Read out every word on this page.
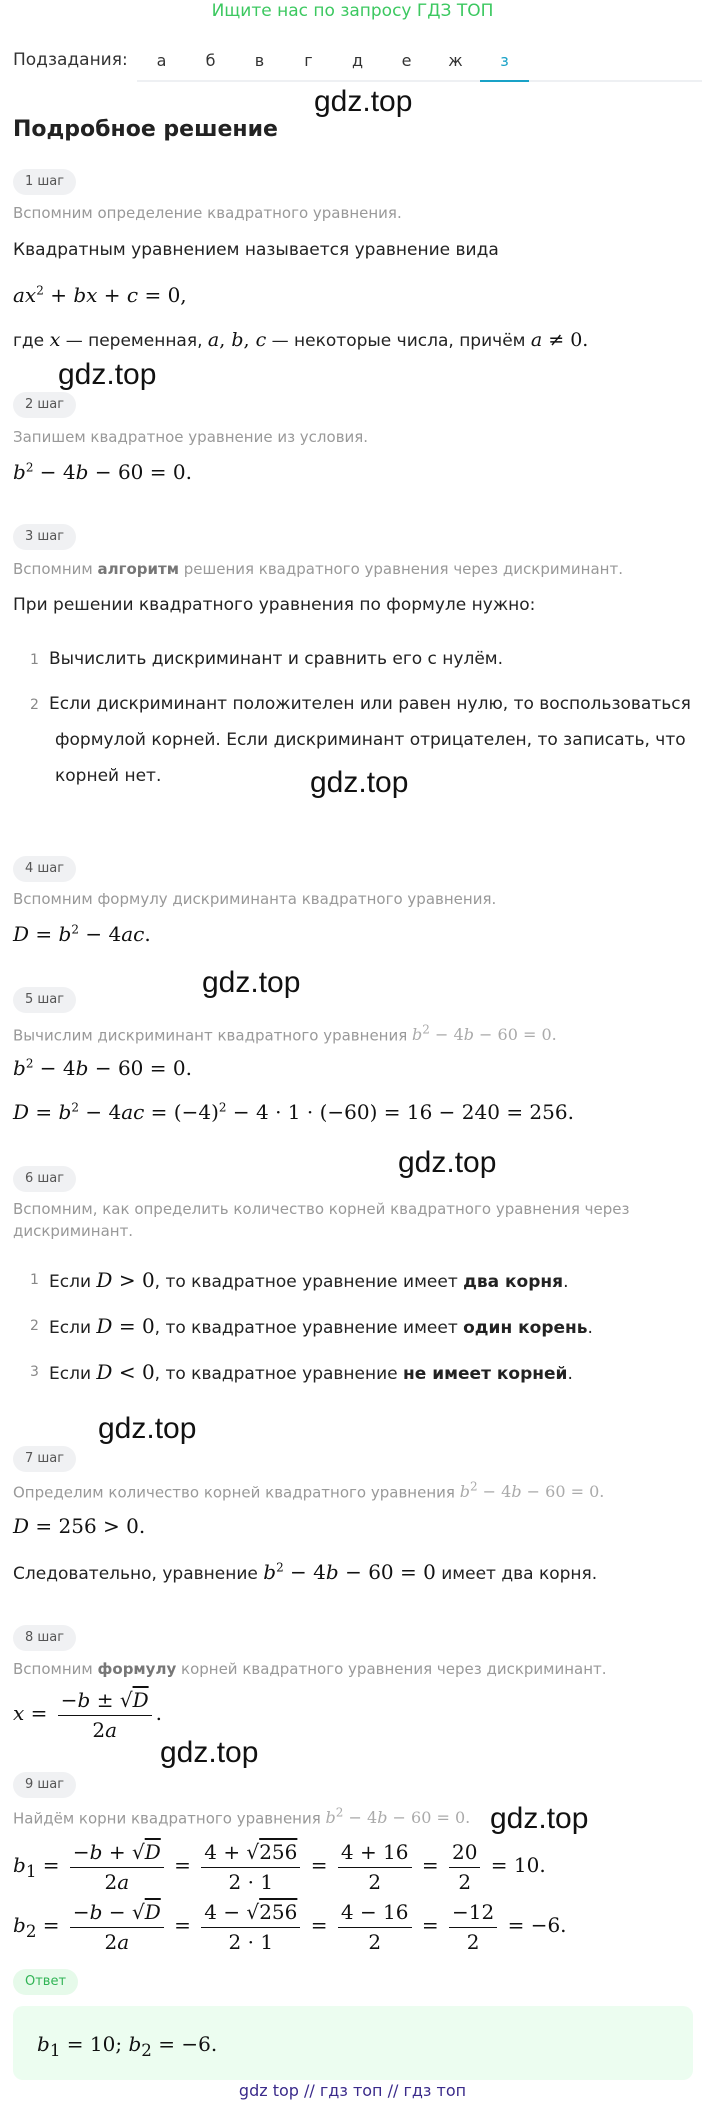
Ищите нас по запросу ГДЗ ТОП
Подзадания:	а	б	в	г	д	е	ж	з
gdz.top
Подробное решение
1 шаг
Вспомним определение квадратного уравнения.
Квадратным уравнением называется уравнение вида
$ax^2$ + bx + c = 0,
где x — переменная, a, b, c — некоторые числа, причём a ≠ 0.
gdz.top
2 шаг
Запишем квадратное уравнение из условия.
$b^2 - 4b - 60 = 0$.
3 шаг
Вспомним алгоритм решения квадратного уравнения через дискриминант.
При решении квадратного уравнения по формуле нужно:
1 Вычислить дискриминант и сравнить его с нулём.
2 Если дискриминант положителен или равен нулю, то воспользоваться
формулой корней. Если дискриминант отрицателен, то записать, что
корней нет.	gdz.top
4 шаг
Вспомним формулу дискриминанта квадратного уравнения.
$D = b^2 - 4ac$.
gdz.top
5 шаг
Вычислим дискриминант квадратного уравнения $b^2 - 4b - 60 = 0$.
$b^2 - 4b - 60 = 0$.
$D = b^2 - 4ac = (-4)^2 - 4 \cdot 1 \cdot (-60) = 16 - 240 = 256$.
gdz.top
6 шаг
Вспомним, как определить количество корней квадратного уравнения через
дискриминант.
1 Если D > 0, то квадратное уравнение имеет два корня.
2 Если D = 0, то квадратное уравнение имеет один корень.
3 Если D < 0, то квадратное уравнение не имеет корней.
gdz.top
7 шаг
Определим количество корней квадратного уравнения $b^2 - 4b - 60 = 0$.
D = 256 > 0.
Следовательно, уравнение $b^2 - 4b - 60 = 0$ имеет два корня.
8 шаг
Вспомним формулу корней квадратного уравнения через дискриминант.
$x = \frac{-b \pm √D}{2a}$ .
gdz.top
9 шаг
Найдём корни квадратного уравнения $b^2 - 4b - 60 = 0$. gdz.top
$b_1 = \frac{-b + √D}{2a} = \frac{4 + √256}{2 \cdot 1} = \frac{4 + 16}{2} = \frac{20}{2} = 10$.
$b_2 = \frac{-b - √D}{2a} = \frac{4 - √256}{2 \cdot 1} = \frac{4 - 16}{2} = \frac{-12}{2} = -6$.
Ответ
$b_1 = 10$; $b_2 = -6$.
gdz top // гдз топ // гдз топ
